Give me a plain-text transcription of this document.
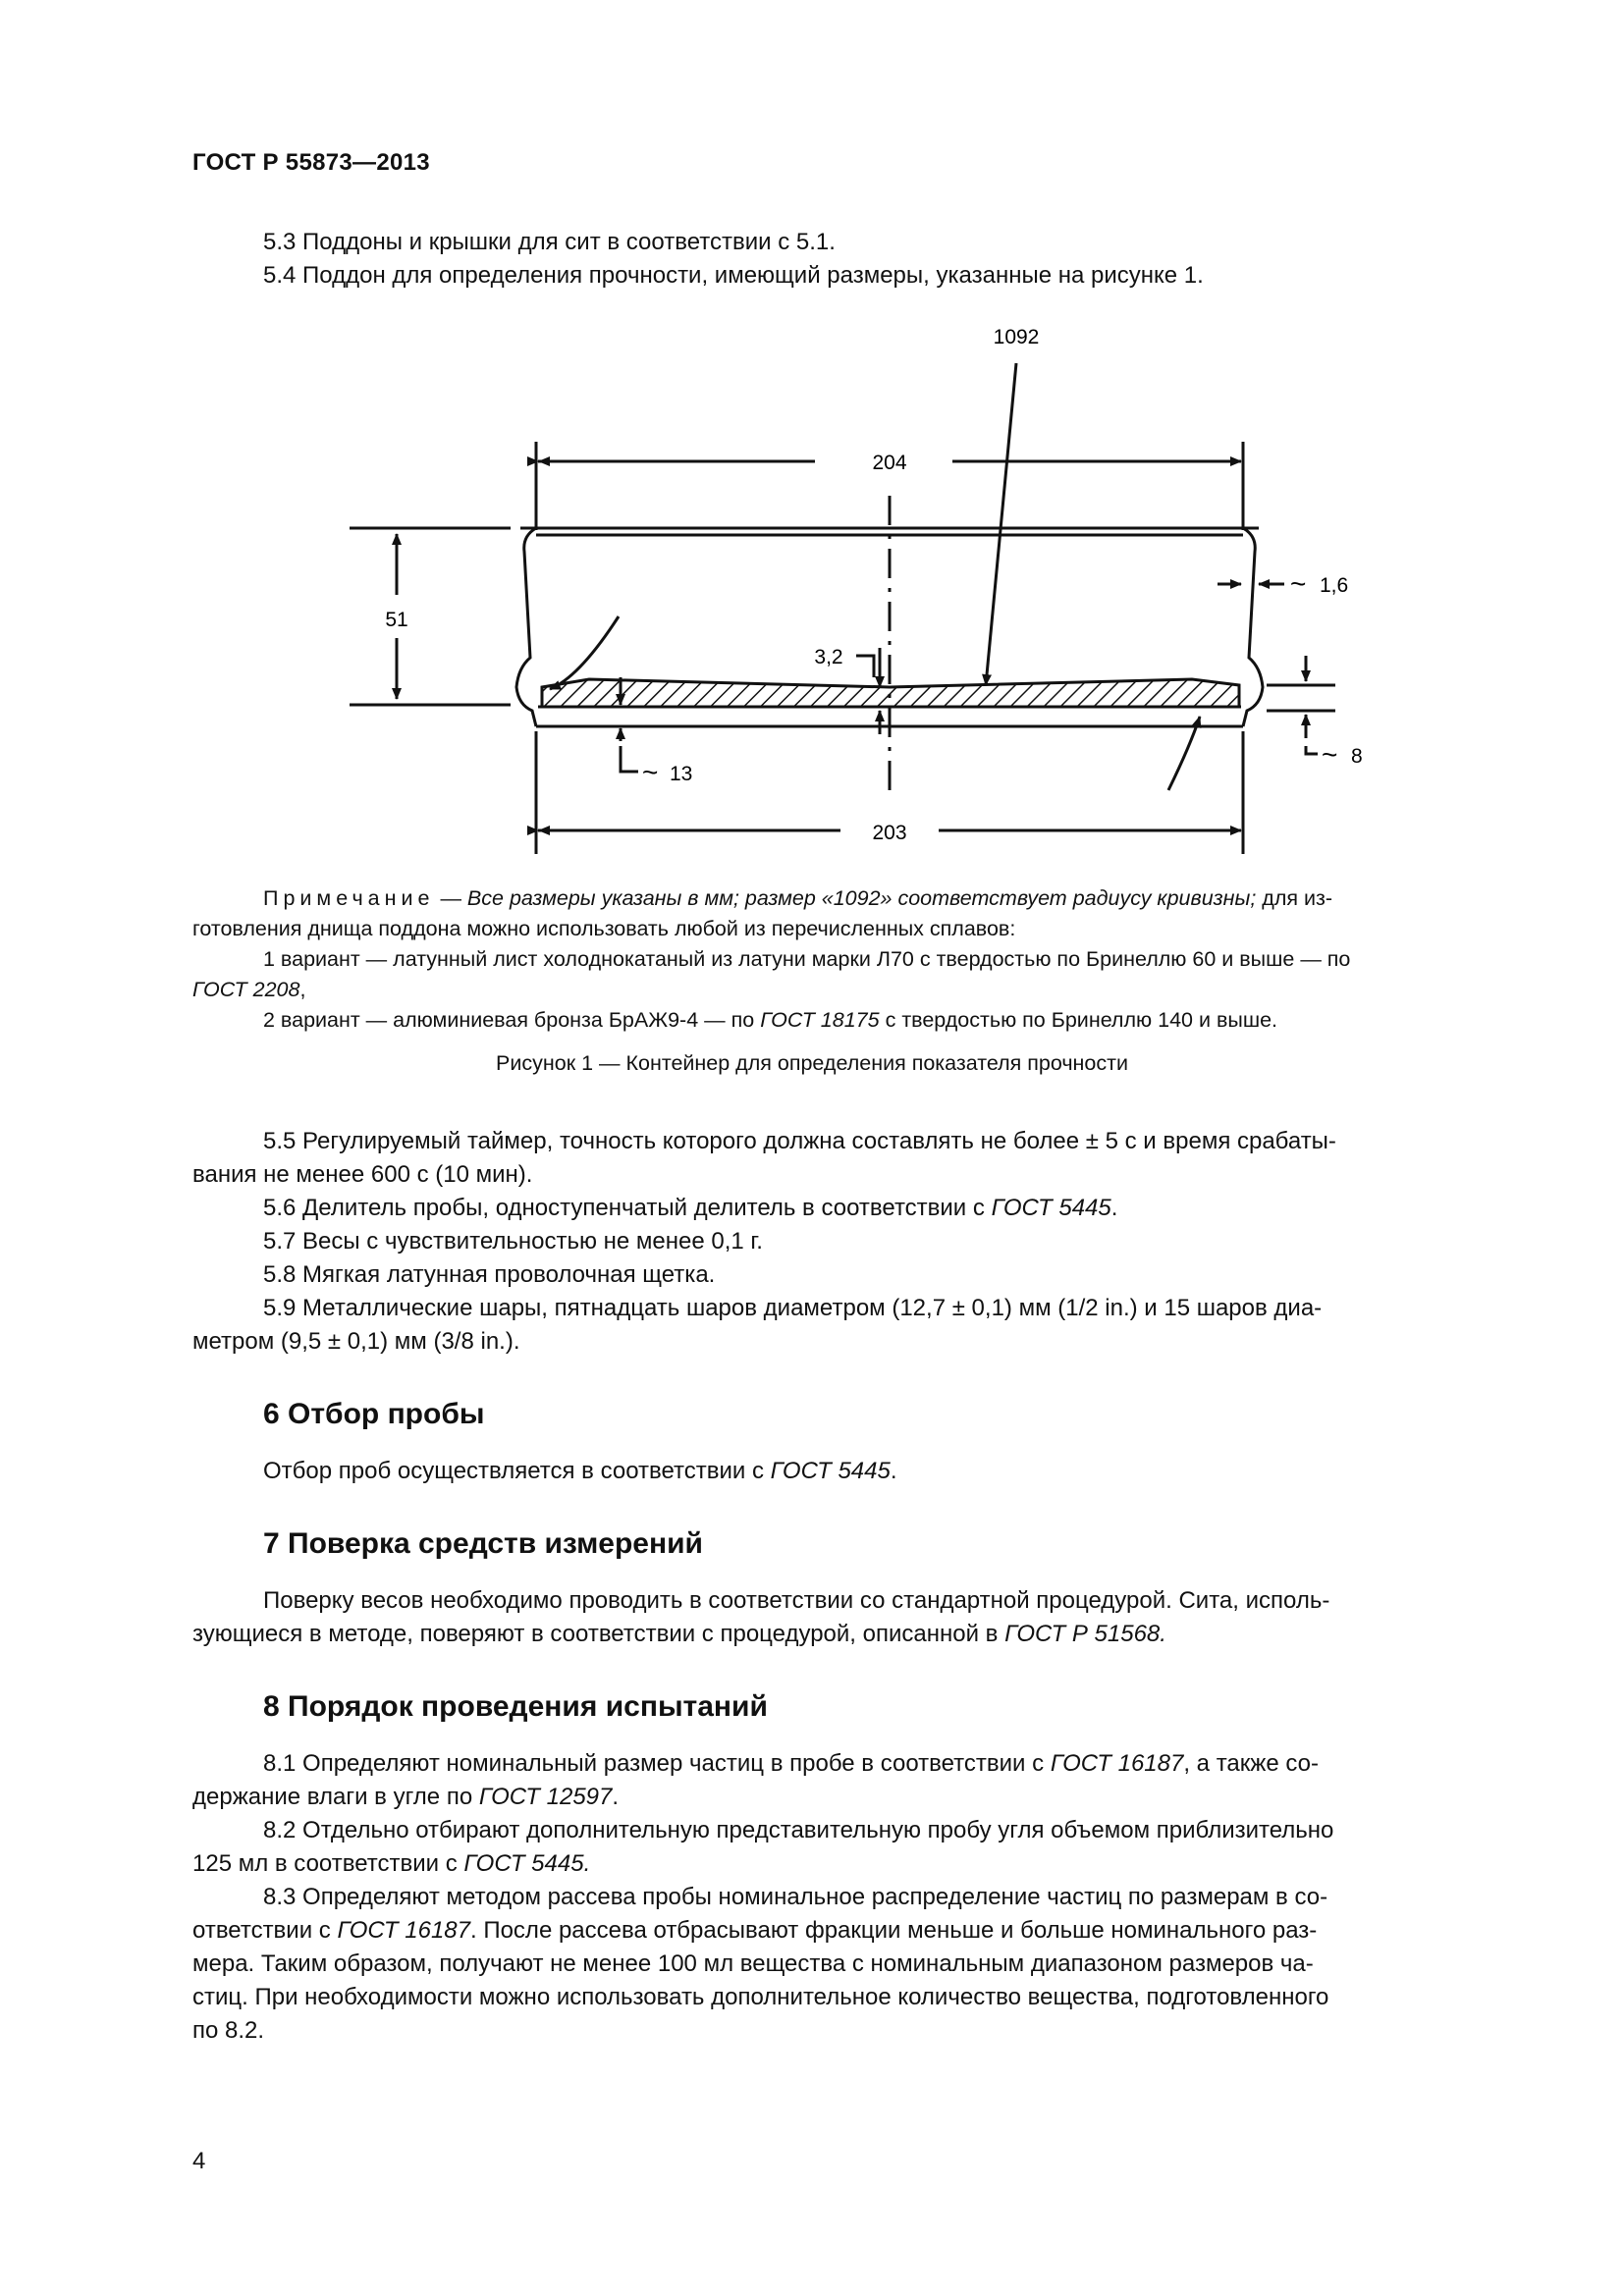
ГОСТ Р 55873—2013
5.3 Поддоны и крышки для сит в соответствии с 5.1.
5.4 Поддон для определения прочности, имеющий размеры, указанные на рисунке 1.
1092
204
51
~ 1,6
3,2
~ 8
~ 13
203
Примечание — Все размеры указаны в мм; размер «1092» соответствует радиусу кривизны; для из-
готовления днища поддона можно использовать любой из перечисленных сплавов:
1 вариант — латунный лист холоднокатаный из латуни марки Л70 с твердостью по Бринеллю 60 и выше — по
ГОСТ 2208,
2 вариант — алюминиевая бронза БрАЖ9-4 — по ГОСТ 18175 с твердостью по Бринеллю 140 и выше.
Рисунок 1 — Контейнер для определения показателя прочности
5.5 Регулируемый таймер, точность которого должна составлять не более ± 5 с и время срабаты-
вания не менее 600 с (10 мин).
5.6 Делитель пробы, одноступенчатый делитель в соответствии с ГОСТ 5445.
5.7 Весы с чувствительностью не менее 0,1 г.
5.8 Мягкая латунная проволочная щетка.
5.9 Металлические шары, пятнадцать шаров диаметром (12,7 ± 0,1) мм (1/2 in.) и 15 шаров диа-
метром (9,5 ± 0,1) мм (3/8 in.).
6 Отбор пробы
Отбор проб осуществляется в соответствии с ГОСТ 5445.
7 Поверка средств измерений
Поверку весов необходимо проводить в соответствии со стандартной процедурой. Сита, исполь-
зующиеся в методе, поверяют в соответствии с процедурой, описанной в ГОСТ Р 51568.
8 Порядок проведения испытаний
8.1 Определяют номинальный размер частиц в пробе в соответствии с ГОСТ 16187, а также со-
держание влаги в угле по ГОСТ 12597.
8.2 Отдельно отбирают дополнительную представительную пробу угля объемом приблизительно
125 мл в соответствии с ГОСТ 5445.
8.3 Определяют методом рассева пробы номинальное распределение частиц по размерам в со-
ответствии с ГОСТ 16187. После рассева отбрасывают фракции меньше и больше номинального раз-
мера. Таким образом, получают не менее 100 мл вещества с номинальным диапазоном размеров ча-
стиц. При необходимости можно использовать дополнительное количество вещества, подготовленного
по 8.2.
4
